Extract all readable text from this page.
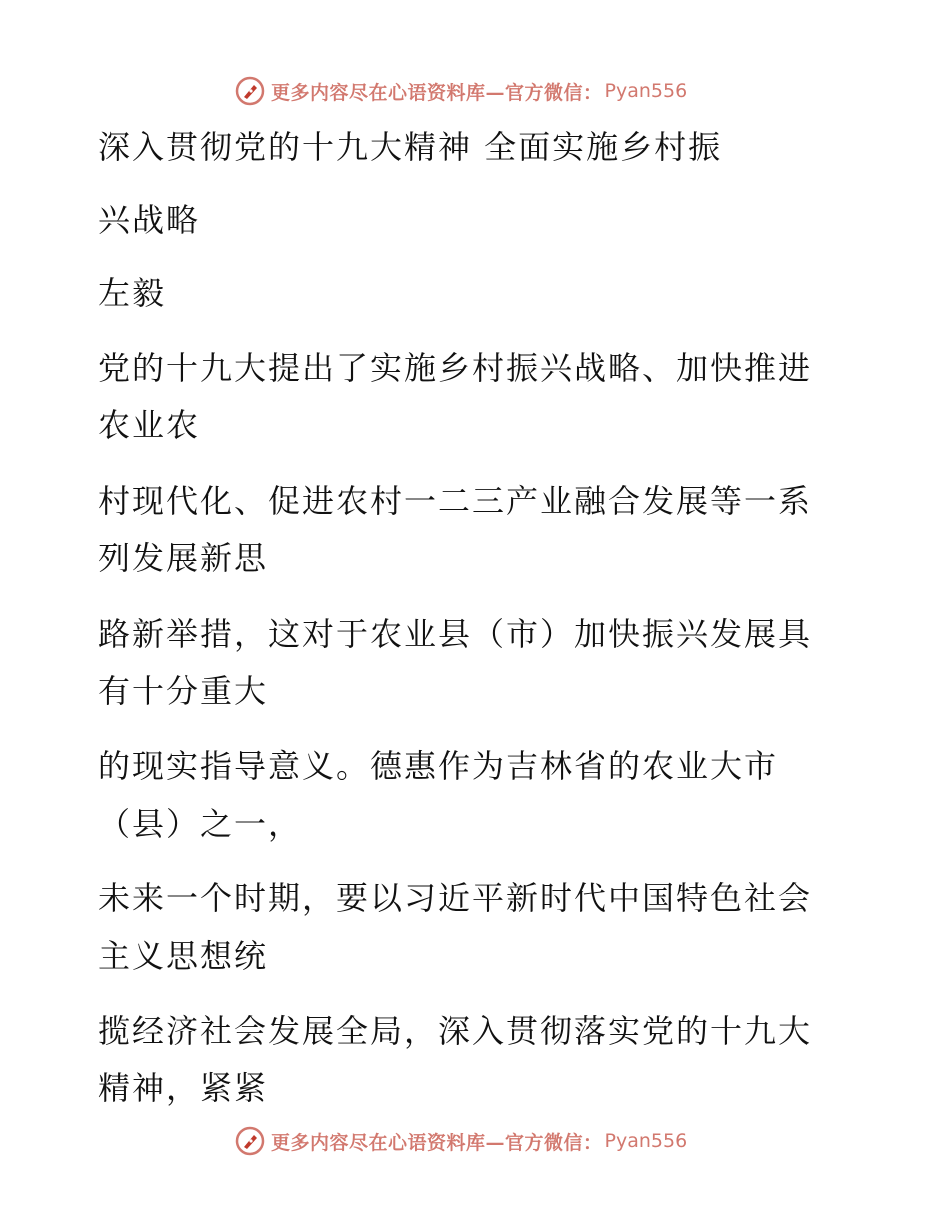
更多内容尽在心语资料库—官方微信： Pyan556

深入贯彻党的十九大精神 全面实施乡村振

兴战略

左毅

党的十九大提出了实施乡村振兴战略、加快推进

农业农

村现代化、促进农村一二三产业融合发展等一系

列发展新思

路新举措，这对于农业县（市）加快振兴发展具

有十分重大

的现实指导意义。德惠作为吉林省的农业大市

（县）之一，

未来一个时期，要以习近平新时代中国特色社会

主义思想统

揽经济社会发展全局，深入贯彻落实党的十九大

精神，紧紧

更多内容尽在心语资料库—官方微信： Pyan556
